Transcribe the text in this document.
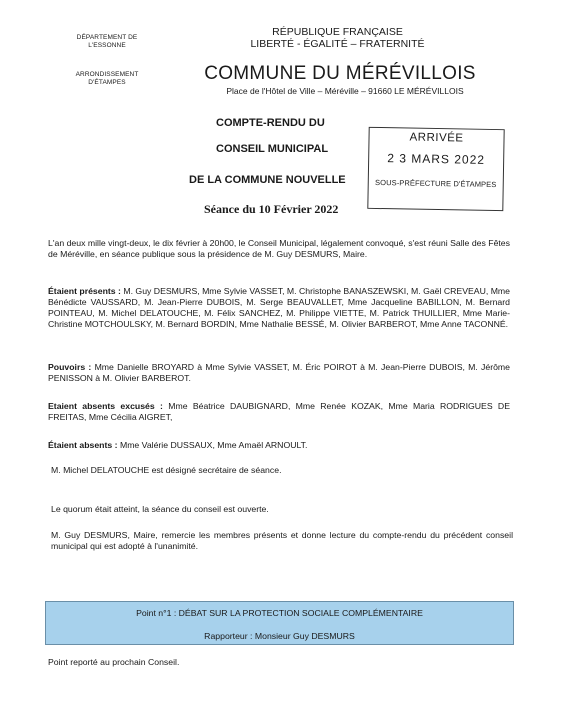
DÉPARTEMENT DE
L'ESSONNE
ARRONDISSEMENT
D'ÉTAMPES
RÉPUBLIQUE FRANÇAISE
LIBERTÉ - ÉGALITÉ – FRATERNITÉ
COMMUNE DU MÉRÉVILLOIS
Place de l'Hôtel de Ville – Méréville – 91660 LE MÉRÉVILLOIS
COMPTE-RENDU DU
CONSEIL MUNICIPAL
DE LA COMMUNE NOUVELLE
Séance du 10 Février 2022
ARRIVÉE
2 3 MARS 2022
SOUS-PRÉFECTURE D'ÉTAMPES
L'an deux mille vingt-deux, le dix février à 20h00, le Conseil Municipal, légalement convoqué, s'est réuni Salle des Fêtes de Méréville, en séance publique sous la présidence de M. Guy DESMURS, Maire.
Étaient présents : M. Guy DESMURS, Mme Sylvie VASSET, M. Christophe BANASZEWSKI, M. Gaël CREVEAU, Mme Bénédicte VAUSSARD, M. Jean-Pierre DUBOIS, M. Serge BEAUVALLET, Mme Jacqueline BABILLON, M. Bernard POINTEAU, M. Michel DELATOUCHE, M. Félix SANCHEZ, M. Philippe VIETTE, M. Patrick THUILLIER, Mme Marie-Christine MOTCHOULSKY, M. Bernard BORDIN, Mme Nathalie BESSÉ, M. Olivier BARBEROT, Mme Anne TACONNÉ.
Pouvoirs : Mme Danielle BROYARD à Mme Sylvie VASSET, M. Éric POIROT à M. Jean-Pierre DUBOIS, M. Jérôme PENISSON à M. Olivier BARBEROT.
Etaient absents excusés : Mme Béatrice DAUBIGNARD, Mme Renée KOZAK, Mme Maria RODRIGUES DE FREITAS, Mme Cécilia AIGRET,
Étaient absents : Mme Valérie DUSSAUX, Mme Amaël ARNOULT.
M. Michel DELATOUCHE est désigné secrétaire de séance.
Le quorum était atteint, la séance du conseil est ouverte.
M. Guy DESMURS, Maire, remercie les membres présents et donne lecture du compte-rendu du précédent conseil municipal qui est adopté à l'unanimité.
Point n°1 : DÉBAT SUR LA PROTECTION SOCIALE COMPLÉMENTAIRE
Rapporteur : Monsieur Guy DESMURS
Point reporté au prochain Conseil.
